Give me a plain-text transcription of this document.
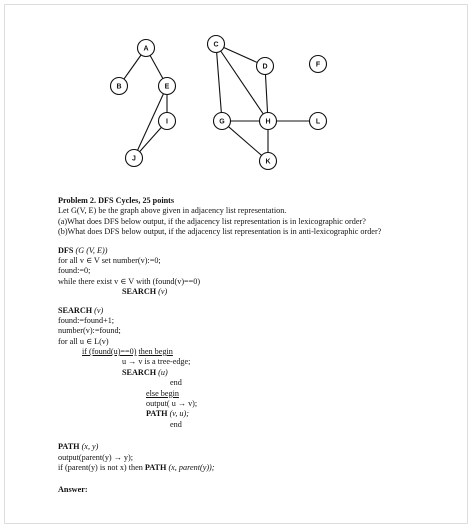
A
B
C
D
E
F
G	H
I
J	K
L
Problem 2. DFS Cycles, 25 points
Let G(V, E) be the graph above given in adjacency list representation.
(a)What does DFS below output, if the adjacency list representation is in lexicographic order?
(b)What does DFS below output, if the adjacency list representation is in anti-lexicographic order?
DFS (G (V, E))
for all v ∈ V set number(v):=0;
found:=0;
while there exist v ∈ V with (found(v)==0)
SEARCH (v)
SEARCH (v)
found:=found+1;
number(v):=found;
for all u ∈ L(v)
if (found(u)==0) then begin
u → v is a tree-edge;
SEARCH (u)
end
else begin
output( u → v);
PATH (v, u);
end
PATH (x, y)
output(parent(y) → y);
if (parent(y) is not x) then PATH (x, parent(y));
Answer:
